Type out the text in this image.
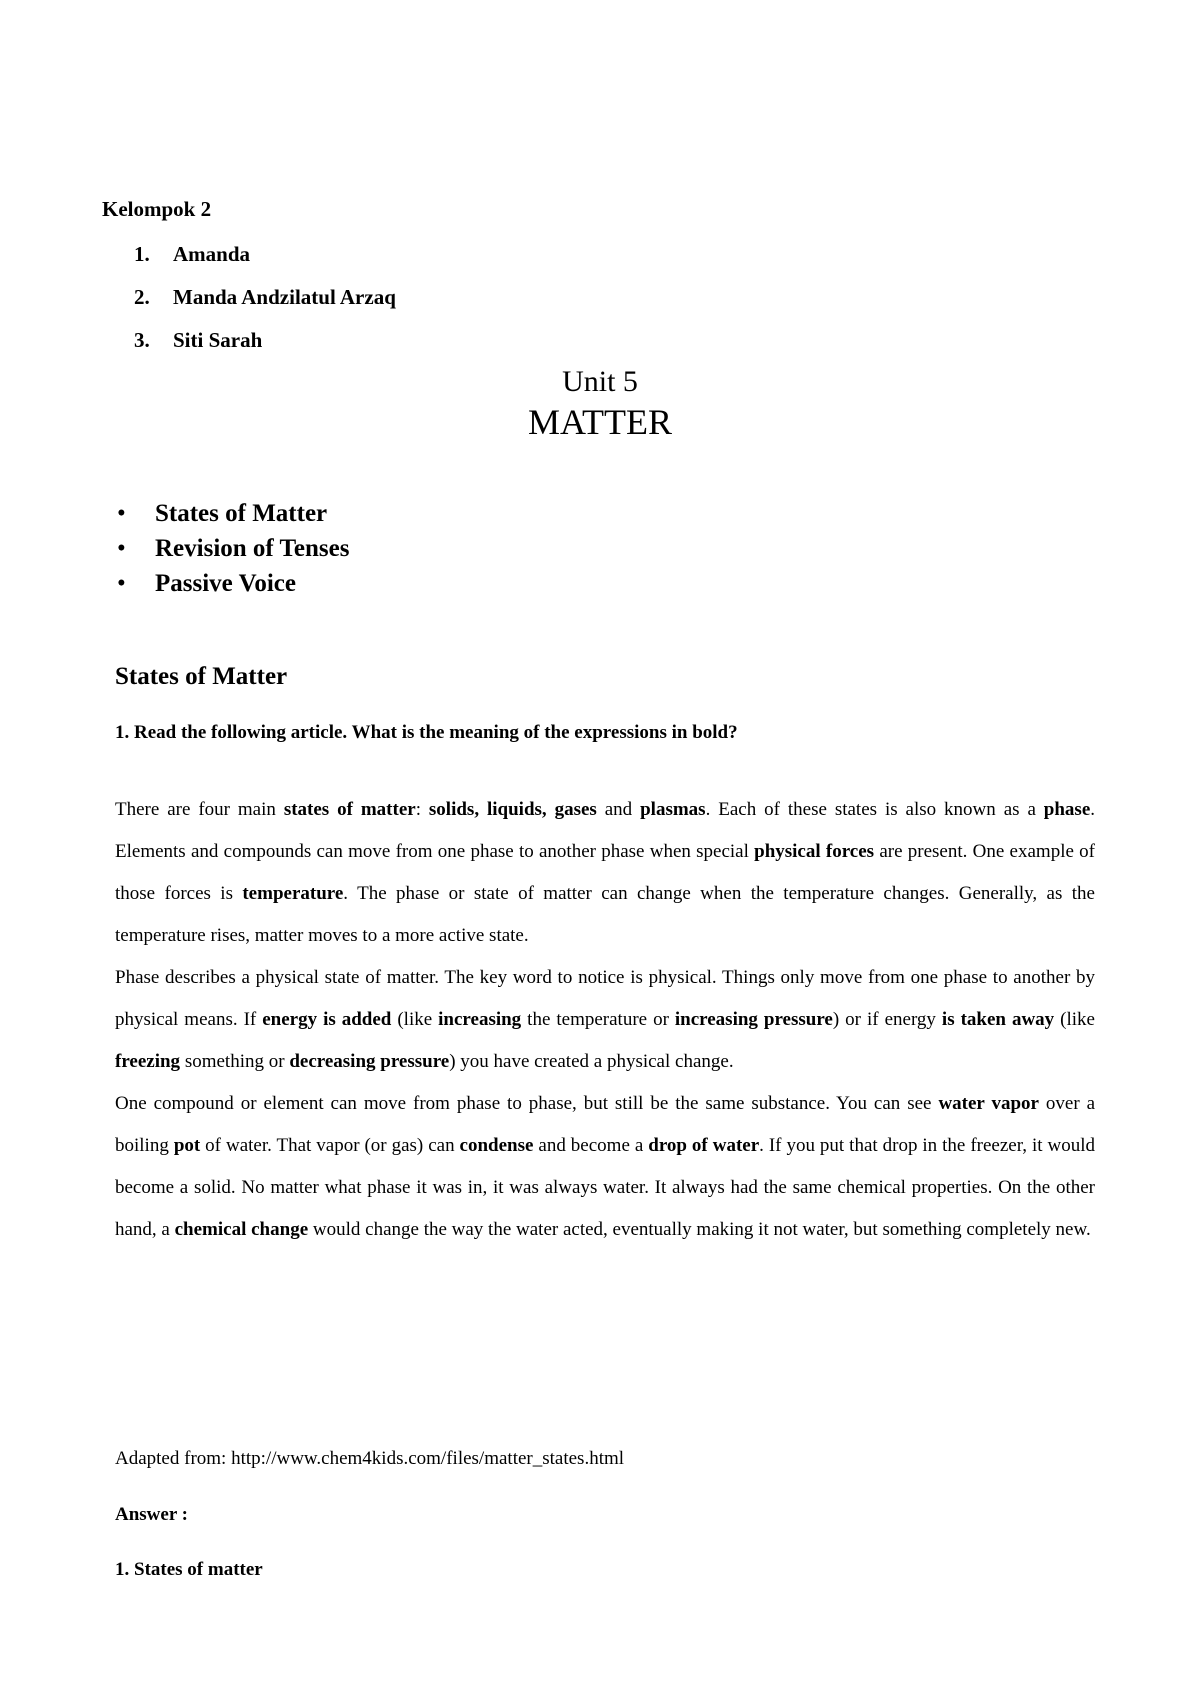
Kelompok 2
1. Amanda
2. Manda Andzilatul Arzaq
3. Siti Sarah
Unit 5
MATTER
• States of Matter
• Revision of Tenses
• Passive Voice
States of Matter
1. Read the following article. What is the meaning of the expressions in bold?

There are four main states of matter: solids, liquids, gases and plasmas. Each of these states is also known as a phase. Elements and compounds can move from one phase to another phase when special physical forces are present. One example of those forces is temperature. The phase or state of matter can change when the temperature changes. Generally, as the temperature rises, matter moves to a more active state.

Phase describes a physical state of matter. The key word to notice is physical. Things only move from one phase to another by physical means. If energy is added (like increasing the temperature or increasing pressure) or if energy is taken away (like freezing something or decreasing pressure) you have created a physical change.

One compound or element can move from phase to phase, but still be the same substance. You can see water vapor over a boiling pot of water. That vapor (or gas) can condense and become a drop of water. If you put that drop in the freezer, it would become a solid. No matter what phase it was in, it was always water. It always had the same chemical properties. On the other hand, a chemical change would change the way the water acted, eventually making it not water, but something completely new.

Adapted from: http://www.chem4kids.com/files/matter_states.html
Answer :
1. States of matter
